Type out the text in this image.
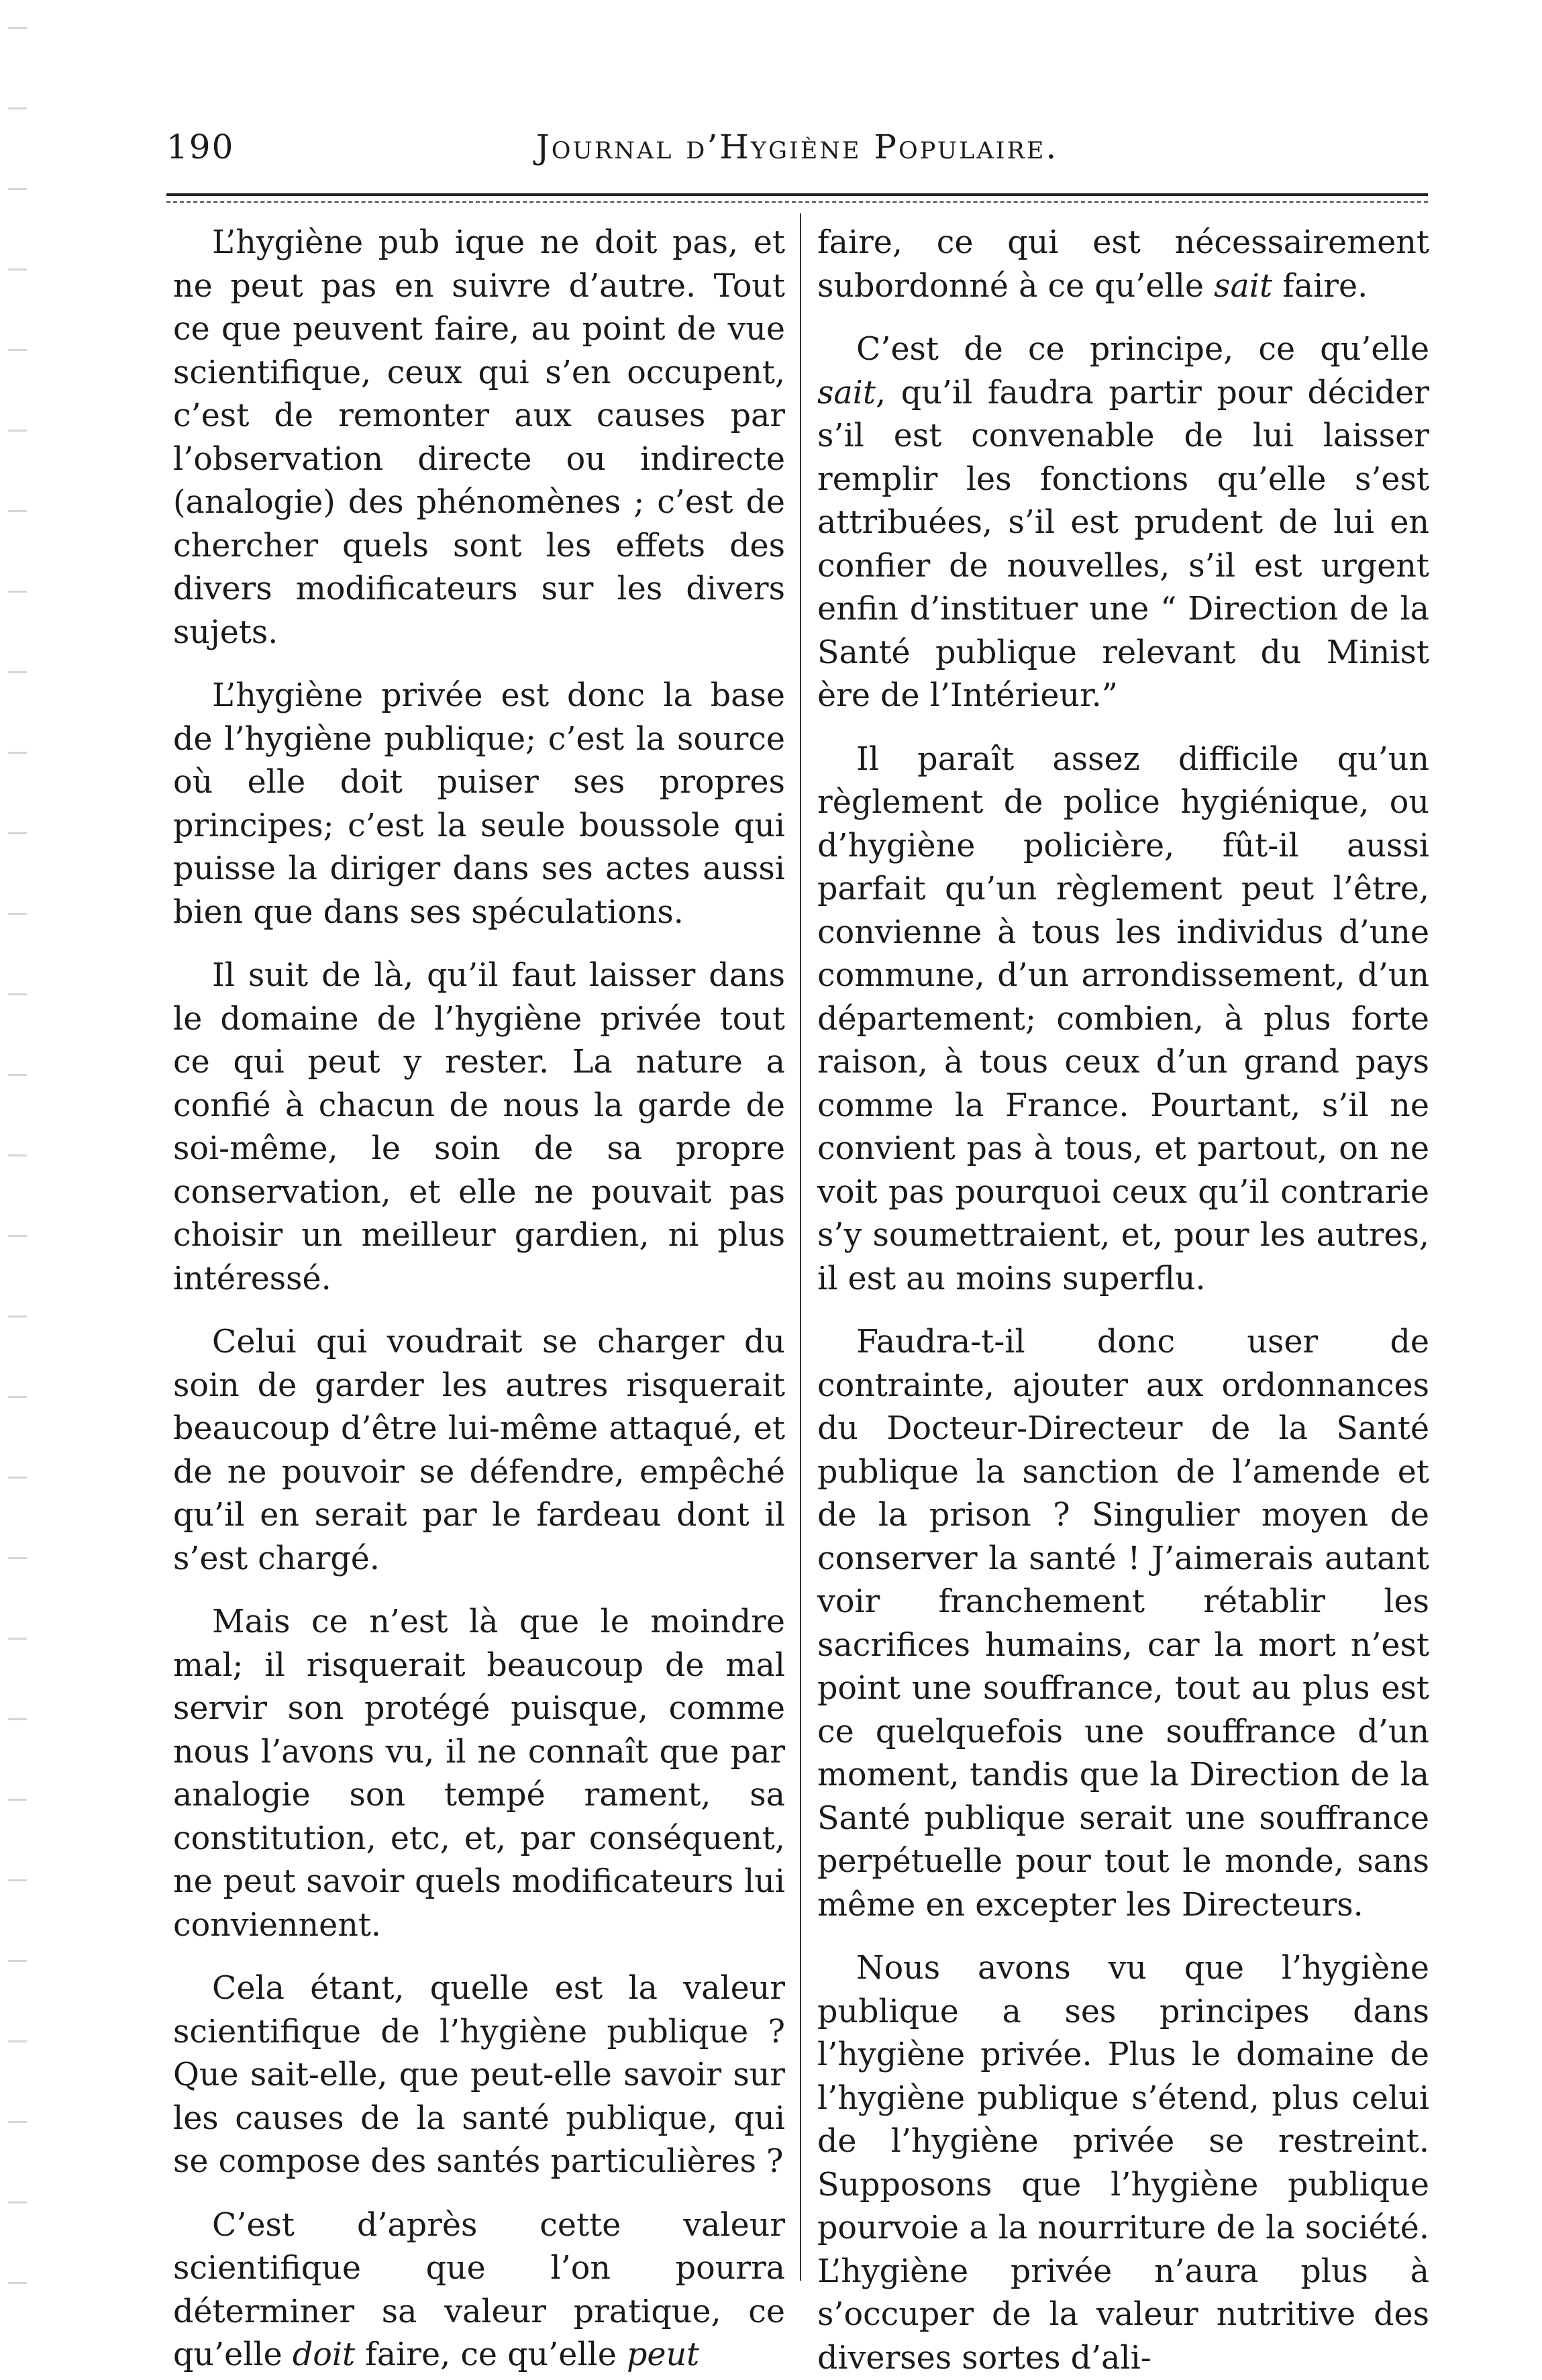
190	Journal d’Hygiène Populaire.

L’hygiène pub ique ne doit pas, et ne peut pas en suivre d’autre. Tout ce que peuvent faire, au point de vue scientifique, ceux qui s’en occupent, c’est de remonter aux causes par l’observation directe ou indirecte (analogie) des phénomènes ; c’est de chercher quels sont les effets des divers modificateurs sur les divers sujets.

L’hygiène privée est donc la base de l’hygiène publique; c’est la source où elle doit puiser ses propres principes; c’est la seule boussole qui puisse la diriger dans ses actes aussi bien que dans ses spéculations.

Il suit de là, qu’il faut laisser dans le domaine de l’hygiène privée tout ce qui peut y rester. La nature a confié à chacun de nous la garde de soi-même, le soin de sa propre conservation, et elle ne pouvait pas choisir un meilleur gardien, ni plus intéressé.

Celui qui voudrait se charger du soin de garder les autres risquerait beaucoup d’être lui-même attaqué, et de ne pouvoir se défendre, empêché qu’il en serait par le fardeau dont il s’est chargé.

Mais ce n’est là que le moindre mal; il risquerait beaucoup de mal servir son protégé puisque, comme nous l’avons vu, il ne connaît que par analogie son tempé rament, sa constitution, etc, et, par conséquent, ne peut savoir quels modificateurs lui conviennent.

Cela étant, quelle est la valeur scientifique de l’hygiène publique ? Que sait-elle, que peut-elle savoir sur les causes de la santé publique, qui se compose des santés particulières ?

C’est d’après cette valeur scientifique que l’on pourra déterminer sa valeur pratique, ce qu’elle doit faire, ce qu’elle peut

faire, ce qui est nécessairement subordonné à ce qu’elle sait faire.

C’est de ce principe, ce qu’elle sait, qu’il faudra partir pour décider s’il est convenable de lui laisser remplir les fonctions qu’elle s’est attribuées, s’il est prudent de lui en confier de nouvelles, s’il est urgent enfin d’instituer une “ Direction de la Santé publique relevant du Minist ère de l’Intérieur.”

Il paraît assez difficile qu’un règlement de police hygiénique, ou d’hygiène policière, fût-il aussi parfait qu’un règlement peut l’être, convienne à tous les individus d’une commune, d’un arrondissement, d’un département; combien, à plus forte raison, à tous ceux d’un grand pays comme la France. Pourtant, s’il ne convient pas à tous, et partout, on ne voit pas pourquoi ceux qu’il contrarie s’y soumettraient, et, pour les autres, il est au moins superflu.

Faudra-t-il donc user de contrainte, ajouter aux ordonnances du Docteur-Directeur de la Santé publique la sanction de l’amende et de la prison ? Singulier moyen de conserver la santé ! J’aimerais autant voir franchement rétablir les sacrifices humains, car la mort n’est point une souffrance, tout au plus est ce quelquefois une souffrance d’un moment, tandis que la Direction de la Santé publique serait une souffrance perpétuelle pour tout le monde, sans même en excepter les Directeurs.

Nous avons vu que l’hygiène publique a ses principes dans l’hygiène privée. Plus le domaine de l’hygiène publique s’étend, plus celui de l’hygiène privée se restreint. Supposons que l’hygiène publique pourvoie a la nourriture de la société. L’hygiène privée n’aura plus à s’occuper de la valeur nutritive des diverses sortes d’ali-
